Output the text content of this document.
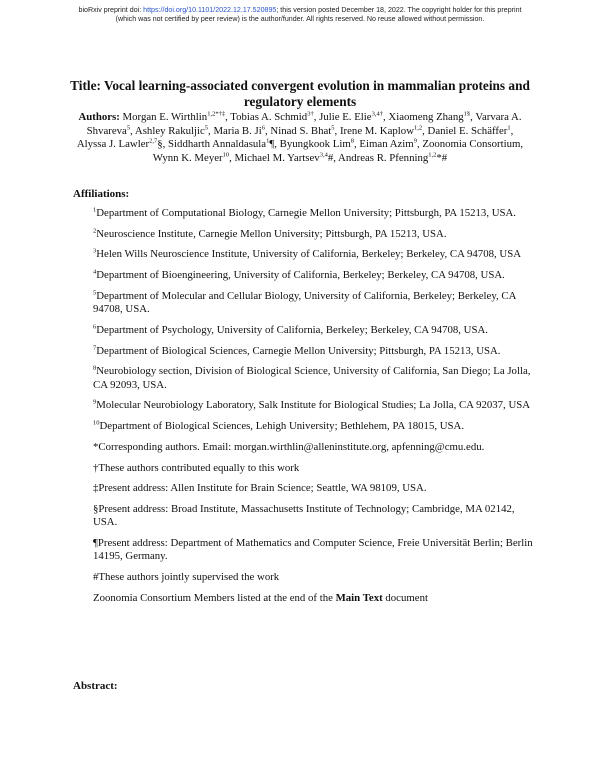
bioRxiv preprint doi: https://doi.org/10.1101/2022.12.17.520895; this version posted December 18, 2022. The copyright holder for this preprint
(which was not certified by peer review) is the author/funder. All rights reserved. No reuse allowed without permission.
Title: Vocal learning-associated convergent evolution in mammalian proteins and regulatory elements
Authors: Morgan E. Wirthlin$^{1,2*\dagger\ddagger}$, Tobias A. Schmid$^{3\dagger}$, Julie E. Elie$^{3,4\dagger}$, Xiaomeng Zhang$^{1\S}$, Varvara A. Shvareva$^5$, Ashley Rakuljic$^5$, Maria B. Ji$^6$, Ninad S. Bhat$^5$, Irene M. Kaplow$^{1,2}$, Daniel E. Schäffer$^1$, Alyssa J. Lawler$^{2,7}$§, Siddharth Annaldasula$^1$¶, Byungkook Lim$^8$, Eiman Azim$^9$, Zoonomia Consortium, Wynn K. Meyer$^{10}$, Michael M. Yartsev$^{3,4}$#, Andreas R. Pfenning$^{1,2}$*#
Affiliations:

$^1$Department of Computational Biology, Carnegie Mellon University; Pittsburgh, PA 15213, USA.

$^2$Neuroscience Institute, Carnegie Mellon University; Pittsburgh, PA 15213, USA.

$^3$Helen Wills Neuroscience Institute, University of California, Berkeley; Berkeley, CA 94708, USA

$^4$Department of Bioengineering, University of California, Berkeley; Berkeley, CA 94708, USA.

$^5$Department of Molecular and Cellular Biology, University of California, Berkeley; Berkeley, CA 94708, USA.

$^6$Department of Psychology, University of California, Berkeley; Berkeley, CA 94708, USA.

$^7$Department of Biological Sciences, Carnegie Mellon University; Pittsburgh, PA 15213, USA.

$^8$Neurobiology section, Division of Biological Science, University of California, San Diego; La Jolla, CA 92093, USA.

$^9$Molecular Neurobiology Laboratory, Salk Institute for Biological Studies; La Jolla, CA 92037, USA

$^{10}$Department of Biological Sciences, Lehigh University; Bethlehem, PA 18015, USA.

*Corresponding authors. Email: morgan.wirthlin@alleninstitute.org, apfenning@cmu.edu.

†These authors contributed equally to this work

‡Present address: Allen Institute for Brain Science; Seattle, WA 98109, USA.

§Present address: Broad Institute, Massachusetts Institute of Technology; Cambridge, MA 02142, USA.

¶Present address: Department of Mathematics and Computer Science, Freie Universität Berlin; Berlin 14195, Germany.

#These authors jointly supervised the work

Zoonomia Consortium Members listed at the end of the Main Text document

Abstract:
